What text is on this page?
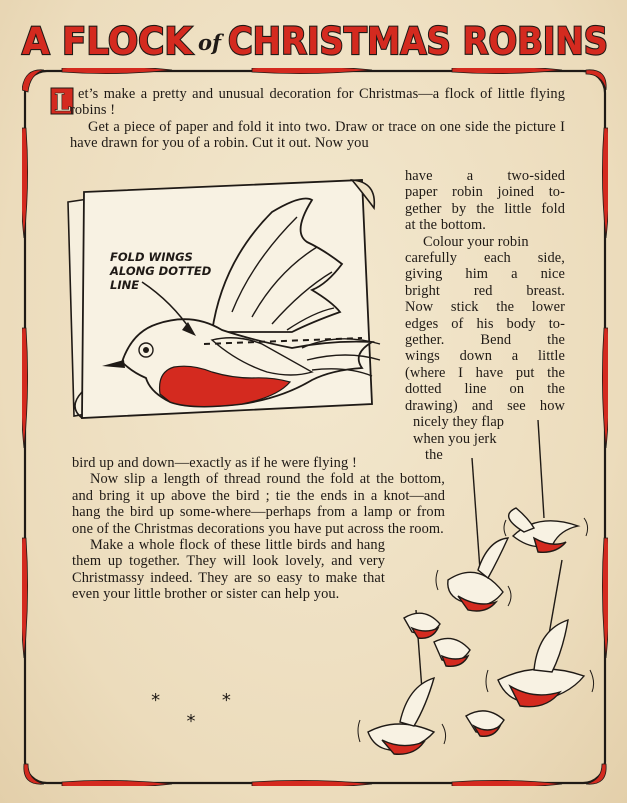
A FLOCK of CHRISTMAS ROBINS
L et’s make a pretty and unusual decoration for Christmas—a flock of little flying robins !

Get a piece of paper and fold it into two. Draw or trace on one side the picture I have drawn for you of a robin. Cut it out. Now you

have a two-sided
paper robin joined to-
gether by the little fold
at the bottom.
Colour your robin
carefully each side,
giving him a nice
bright red breast.
Now stick the lower
edges of his body to-
gether. Bend the
wings down a little
(where I have put the
dotted line on the
drawing) and see how
nicely they flap
when you jerk
the
FOLD WINGS
ALONG DOTTED
LINE

bird up and down—exactly as if he were flying !

Now slip a length of thread round the fold at the bottom, and bring it up above the bird ; tie the ends in a knot—and hang the bird up some-where—perhaps from a lamp or from one of the Christmas decorations you have put across the room.

Make a whole flock of these little birds and hang them up together. They will look lovely, and very Christmassy indeed. They are so easy to make that even your little brother or sister can help you.

* * *
